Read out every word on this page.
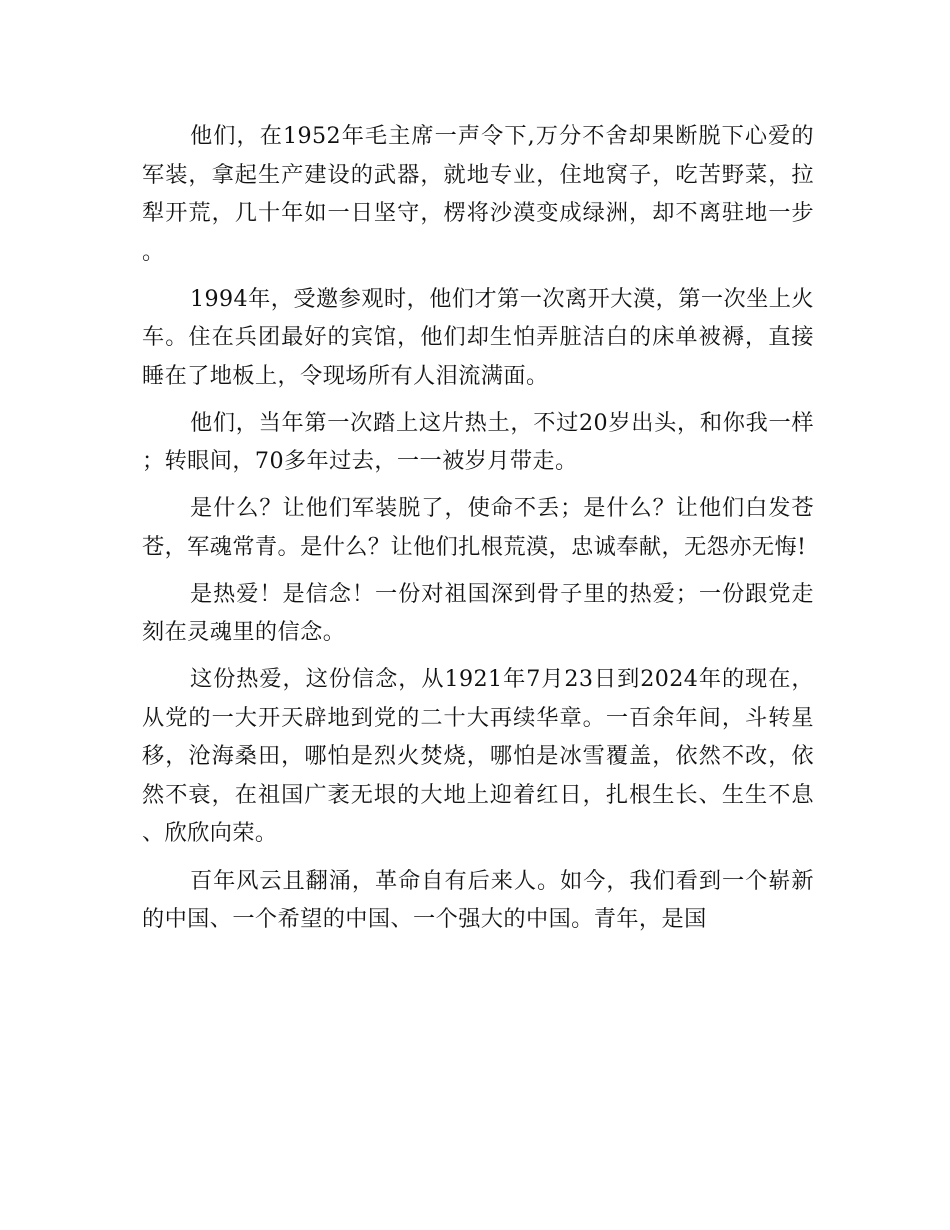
他们，在1952年毛主席一声令下,万分不舍却果断脱下心爱的军装，拿起生产建设的武器，就地专业，住地窝子，吃苦野菜，拉犁开荒，几十年如一日坚守，楞将沙漠变成绿洲，却不离驻地一步。

1994年，受邀参观时，他们才第一次离开大漠，第一次坐上火车。住在兵团最好的宾馆，他们却生怕弄脏洁白的床单被褥，直接睡在了地板上，令现场所有人泪流满面。

他们，当年第一次踏上这片热土，不过20岁出头，和你我一样；转眼间，70多年过去，一一被岁月带走。

是什么？让他们军装脱了，使命不丢；是什么？让他们白发苍苍，军魂常青。是什么？让他们扎根荒漠，忠诚奉献，无怨亦无悔!

是热爱！是信念！一份对祖国深到骨子里的热爱；一份跟党走刻在灵魂里的信念。

这份热爱，这份信念，从1921年7月23日到2024年的现在，从党的一大开天辟地到党的二十大再续华章。一百余年间，斗转星移，沧海桑田，哪怕是烈火焚烧，哪怕是冰雪覆盖，依然不改，依然不衰，在祖国广袤无垠的大地上迎着红日，扎根生长、生生不息、欣欣向荣。

百年风云且翻涌，革命自有后来人。如今，我们看到一个崭新的中国、一个希望的中国、一个强大的中国。青年，是国
